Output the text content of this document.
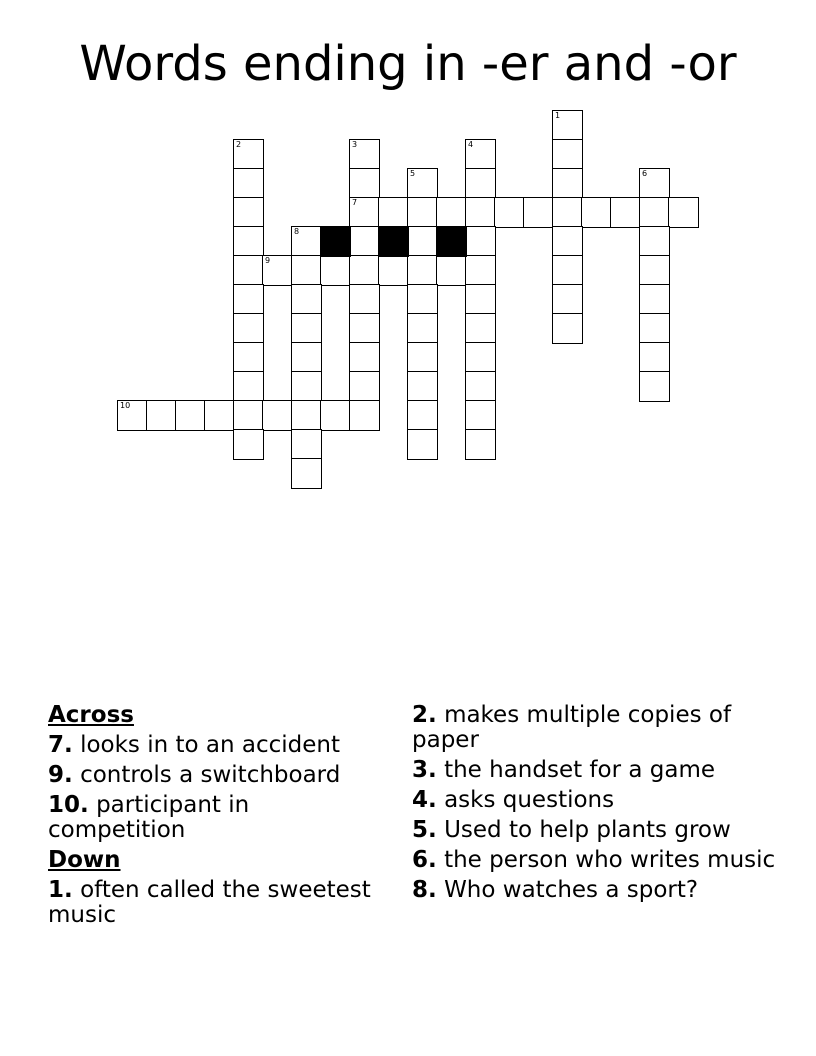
Words ending in -er and -or
1
2	3	4
5	6
7
8
9
10
Across
7. looks in to an accident
9. controls a switchboard
10. participant in competition
Down
1. often called the sweetest music
2. makes multiple copies of paper
3. the handset for a game
4. asks questions
5. Used to help plants grow
6. the person who writes music
8. Who watches a sport?
